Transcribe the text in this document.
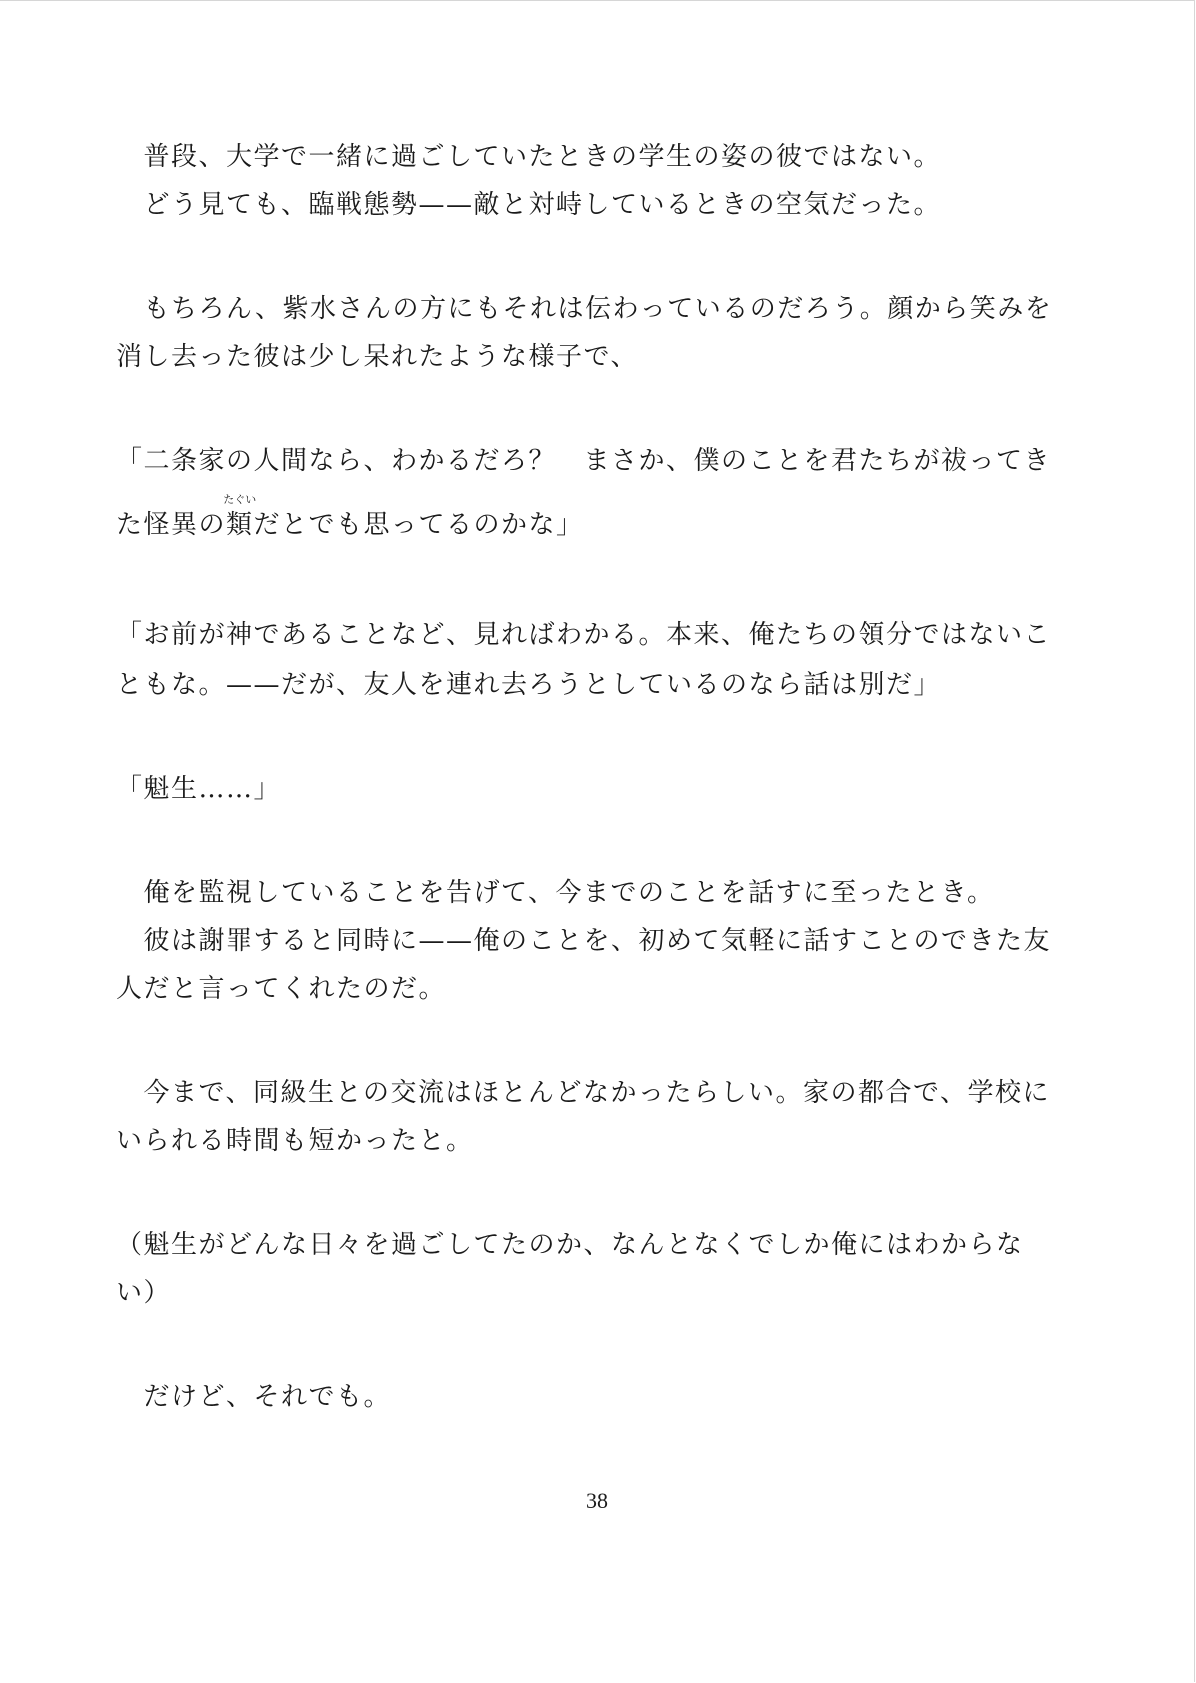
　普段、大学で一緒に過ごしていたときの学生の姿の彼ではない。
　どう見ても、臨戦態勢——敵と対峙しているときの空気だった。
　もちろん、紫水さんの方にもそれは伝わっているのだろう。顔から笑みを
消し去った彼は少し呆れたような様子で、
「二条家の人間なら、わかるだろ？　まさか、僕のことを君たちが祓ってき
た怪異の類
たぐい
だとでも思ってるのかな」
「お前が神であることなど、見ればわかる。本来、俺たちの領分ではないこ
ともな。——だが、友人を連れ去ろうとしているのなら話は別だ」
「魁生……」
　俺を監視していることを告げて、今までのことを話すに至ったとき。
　彼は謝罪すると同時に——俺のことを、初めて気軽に話すことのできた友
人だと言ってくれたのだ。
　今まで、同級生との交流はほとんどなかったらしい。家の都合で、学校に
いられる時間も短かったと。
（魁生がどんな日々を過ごしてたのか、なんとなくでしか俺にはわからな
い）
　だけど、それでも。
38
